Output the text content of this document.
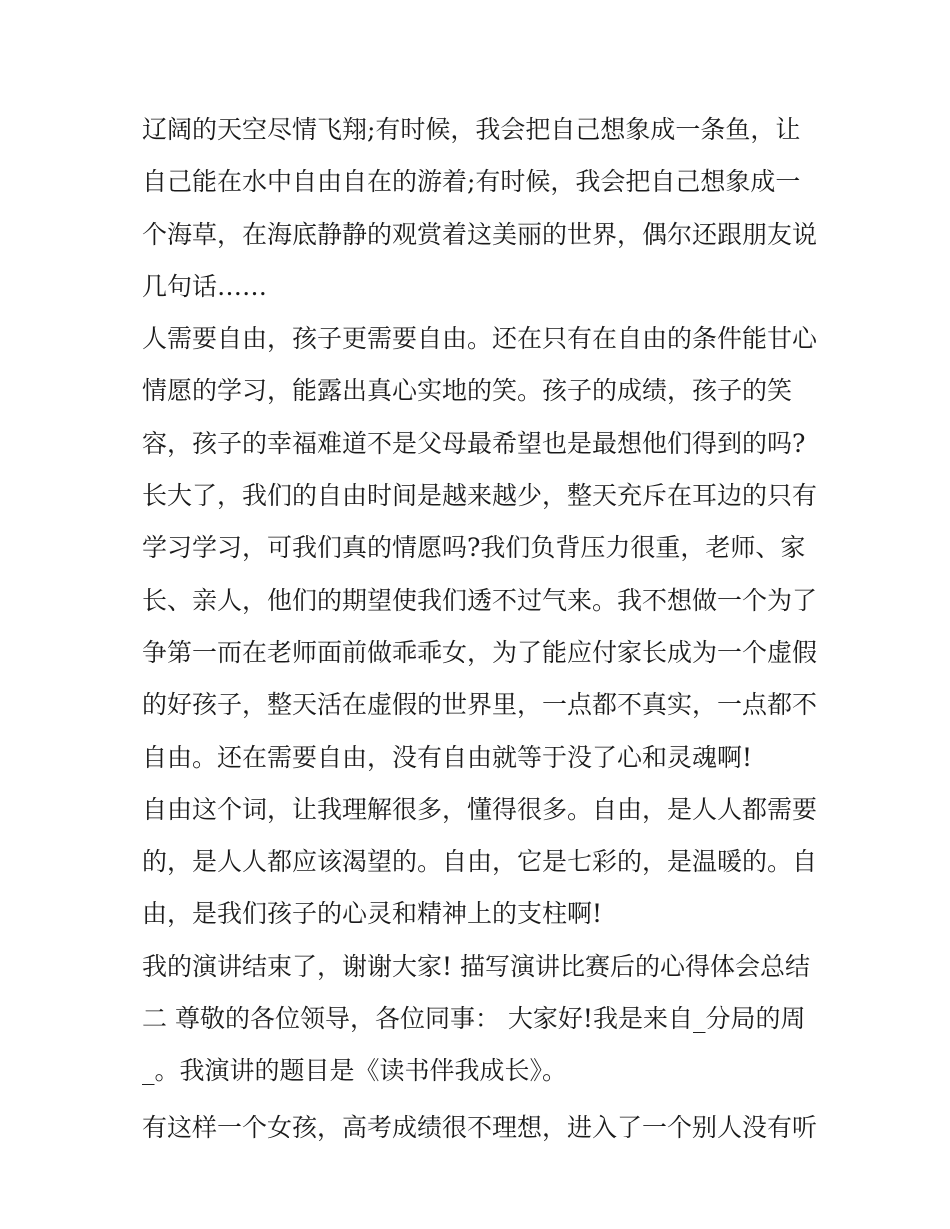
辽阔的天空尽情飞翔;有时候，我会把自己想象成一条鱼，让
自己能在水中自由自在的游着;有时候，我会把自己想象成一
个海草，在海底静静的观赏着这美丽的世界，偶尔还跟朋友说
几句话……
人需要自由，孩子更需要自由。还在只有在自由的条件能甘心
情愿的学习，能露出真心实地的笑。孩子的成绩，孩子的笑
容，孩子的幸福难道不是父母最希望也是最想他们得到的吗?
长大了，我们的自由时间是越来越少，整天充斥在耳边的只有
学习学习，可我们真的情愿吗?我们负背压力很重，老师、家
长、亲人，他们的期望使我们透不过气来。我不想做一个为了
争第一而在老师面前做乖乖女，为了能应付家长成为一个虚假
的好孩子，整天活在虚假的世界里，一点都不真实，一点都不
自由。还在需要自由，没有自由就等于没了心和灵魂啊!
自由这个词，让我理解很多，懂得很多。自由，是人人都需要
的，是人人都应该渴望的。自由，它是七彩的，是温暖的。自
由，是我们孩子的心灵和精神上的支柱啊!
我的演讲结束了，谢谢大家! 描写演讲比赛后的心得体会总结
二 尊敬的各位领导，各位同事： 大家好!我是来自_分局的周
_。我演讲的题目是《读书伴我成长》。
有这样一个女孩，高考成绩很不理想，进入了一个别人没有听
